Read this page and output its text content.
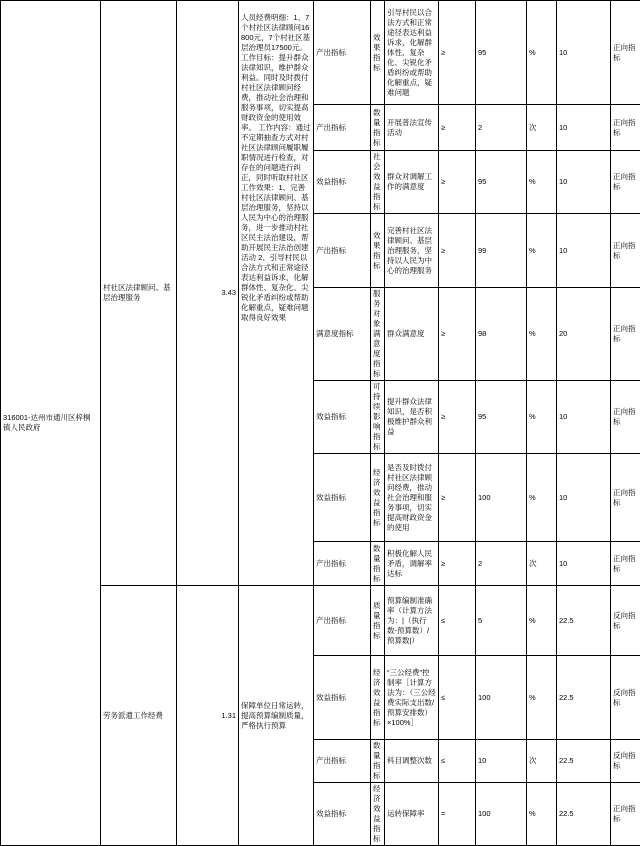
316001-达州市通川区梓桐镇人民政府	村社区法律顾问、基层治理服务	3.43	人员经费明细：1、7个村社区法律顾问16800元，7个村社区基层治理员17500元。 工作目标：提升群众法律知识，维护群众利益。同时及时拨付村社区法律顾问经费，推动社会治理和服务事项，切实提高财政资金的使用效率。 工作内容：通过不定期抽查方式对村社区法律顾问履职履职情况进行检查，对存在的问题进行纠正，同时听取村社区 工作效果：1、完善村社区法律顾问、基层治理服务，坚持以人民为中心的治理服务，进一步推动村社区民主法治建设，帮助开展民主法治创建活动 2、引导村民以合法方式和正常途径表达利益诉求，化解群体性、复杂化、尖锐化矛盾纠纷或帮助化解重点，疑难问题取得良好效果	产出指标	效果指标	引导村民以合法方式和正常途径表达利益诉求，化解群体性、复杂化、尖锐化矛盾纠纷或帮助化解重点，疑难问题	≥	95	%	10	正向指标
				产出指标	数量指标	开展普法宣传活动	≥	2	次	10	正向指标
				效益指标	社会效益指标	群众对调解工作的满意度	≥	95	%	10	正向指标
				产出指标	效果指标	完善村社区法律顾问、基层治理服务，坚持以人民为中心的治理服务	≥	99	%	10	正向指标
				满意度指标	服务对象满意度指标	群众满意度	≥	98	%	20	正向指标
				效益指标	可持续影响指标	提升群众法律知识，是否积极维护群众利益	≥	95	%	10	正向指标
				效益指标	经济效益指标	是否及时拨付村社区法律顾问经费，推动社会治理和服务事项，切实提高财政资金的使用	≥	100	%	10	正向指标
				产出指标	数量指标	积极化解人民矛盾，调解率达标	≥	2	次	10	正向指标
	劳务派遣工作经费	1.31	保障单位日常运转，提高预算编制质量，严格执行预算	产出指标	质量指标	预算编制准确率（计算方法为：|（执行数-预算数）/预算数|）	≤	5	%	22.5	反向指标
				效益指标	经济效益指标	“三公经费”控制率［计算方法为：（三公经费实际支出数/预算安排数）×100%］	≤	100	%	22.5	反向指标
				产出指标	数量指标	科目调整次数	≤	10	次	22.5	反向指标
				效益指标	经济效益指标	运转保障率	=	100	%	22.5	正向指标
